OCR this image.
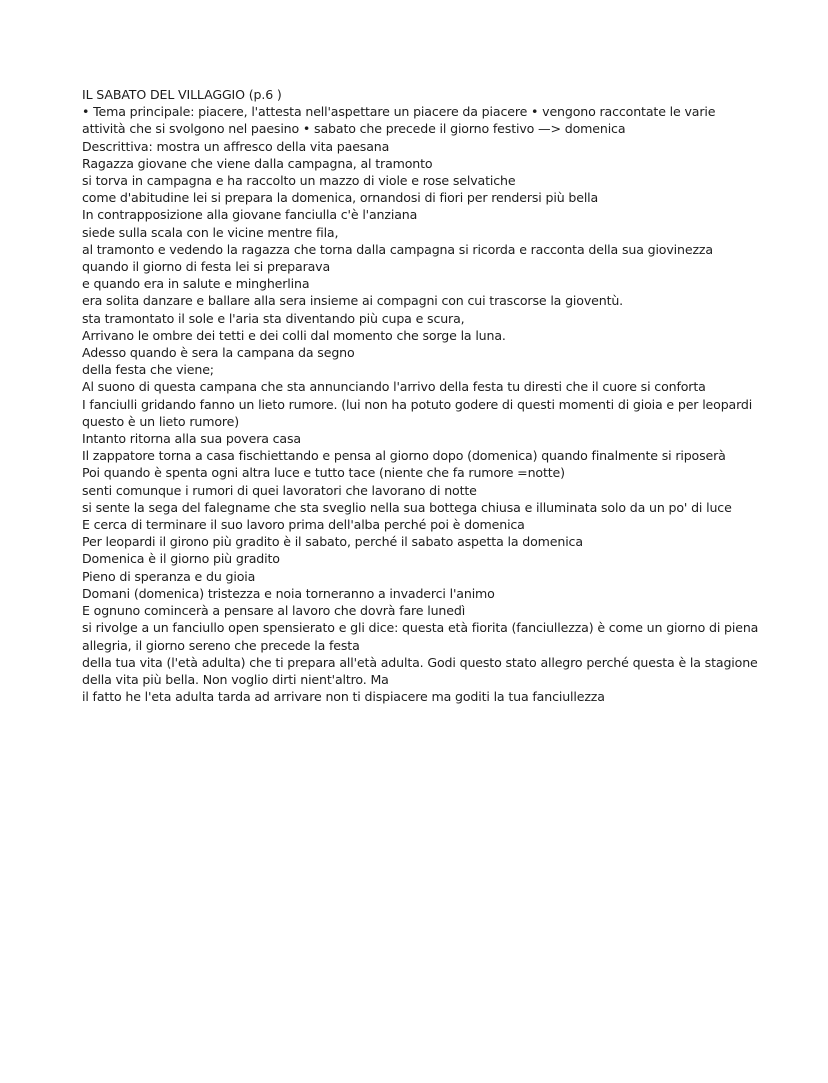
IL SABATO DEL VILLAGGIO (p.6 )
• Tema principale: piacere, l'attesta nell'aspettare un piacere da piacere • vengono raccontate le varie attività che si svolgono nel paesino • sabato che precede il giorno festivo —> domenica
Descrittiva: mostra un affresco della vita paesana
Ragazza giovane che viene dalla campagna, al tramonto
si torva in campagna e ha raccolto un mazzo di viole e rose selvatiche
come d'abitudine lei si prepara la domenica, ornandosi di fiori per rendersi più bella
In contrapposizione alla giovane fanciulla c'è l'anziana
siede sulla scala con le vicine mentre fila,
al tramonto e vedendo la ragazza che torna dalla campagna si ricorda e racconta della sua giovinezza
quando il giorno di festa lei si preparava
e quando era in salute e mingherlina
era solita danzare e ballare alla sera insieme ai compagni con cui trascorse la gioventù.
sta tramontato il sole e l'aria sta diventando più cupa e scura,
Arrivano le ombre dei tetti e dei colli dal momento che sorge la luna.
Adesso quando è sera la campana da segno
della festa che viene;
Al suono di questa campana che sta annunciando l'arrivo della festa tu diresti che il cuore si conforta
I fanciulli gridando fanno un lieto rumore. (lui non ha potuto godere di questi momenti di gioia e per leopardi questo è un lieto rumore)
Intanto ritorna alla sua povera casa
Il zappatore torna a casa fischiettando e pensa al giorno dopo (domenica) quando finalmente si riposerà
Poi quando è spenta ogni altra luce e tutto tace (niente che fa rumore =notte)
senti comunque i rumori di quei lavoratori che lavorano di notte
si sente la sega del falegname che sta sveglio nella sua bottega chiusa e illuminata solo da un po' di luce
E cerca di terminare il suo lavoro prima dell'alba perché poi è domenica
Per leopardi il girono più gradito è il sabato, perché il sabato aspetta la domenica
Domenica è il giorno più gradito
Pieno di speranza e du gioia
Domani (domenica) tristezza e noia torneranno a invaderci l'animo
E ognuno comincerà a pensare al lavoro che dovrà fare lunedì
si rivolge a un fanciullo open spensierato e gli dice: questa età fiorita (fanciullezza) è come un giorno di piena allegria, il giorno sereno che precede la festa
della tua vita (l'età adulta) che ti prepara all'età adulta. Godi questo stato allegro perché questa è la stagione della vita più bella. Non voglio dirti nient'altro. Ma
il fatto he l'eta adulta tarda ad arrivare non ti dispiacere ma goditi la tua fanciullezza
